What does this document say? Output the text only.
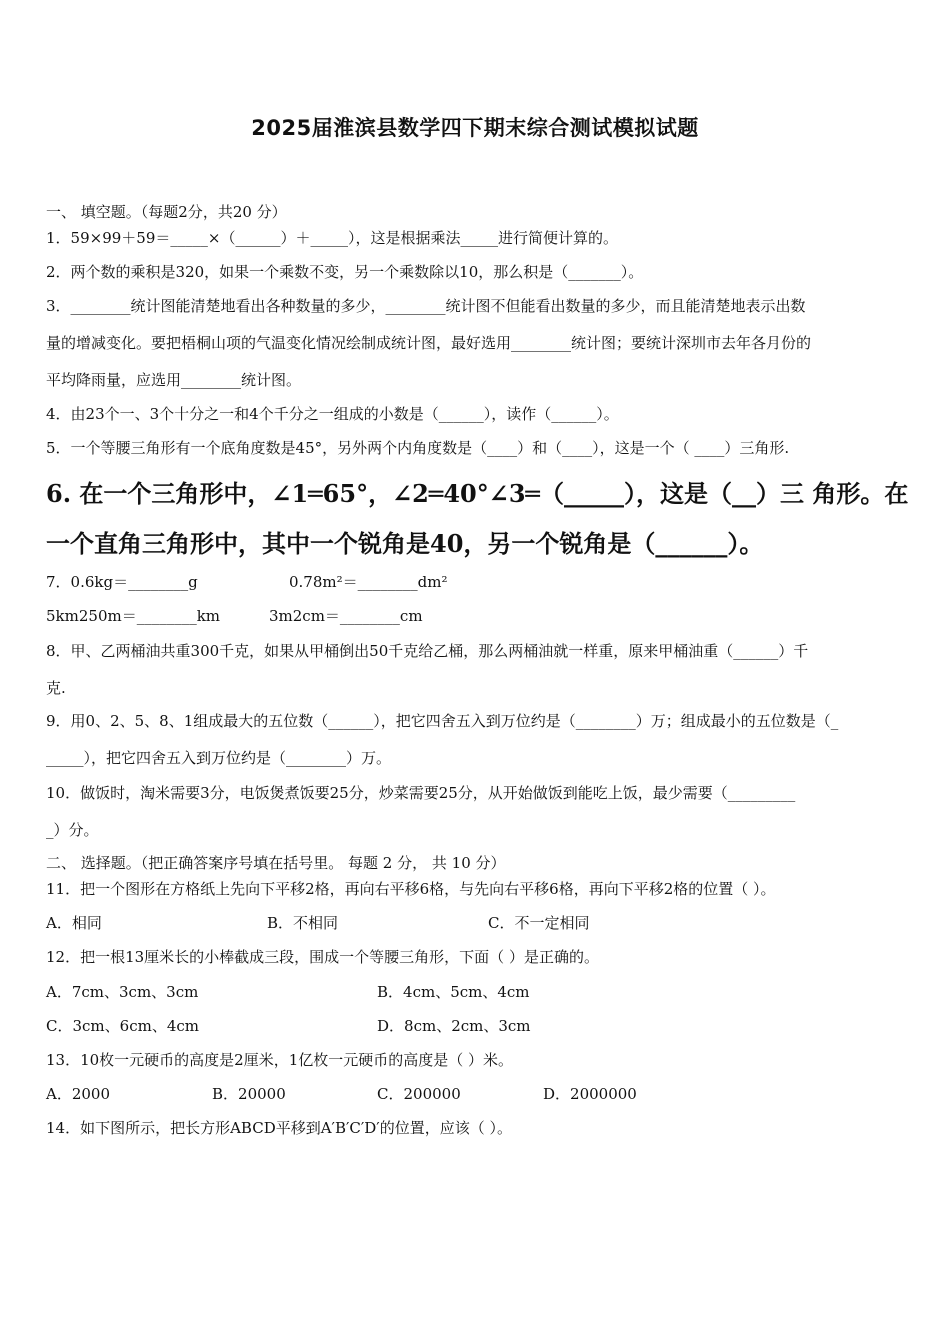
2025届淮滨县数学四下期末综合测试模拟试题
一、 填空题。（每题2分，共20 分）
1．59×99＋59＝_____×（______）＋_____），这是根据乘法_____进行简便计算的。
2．两个数的乘积是320，如果一个乘数不变，另一个乘数除以10，那么积是（_______）。
3．________统计图能清楚地看出各种数量的多少，________统计图不但能看出数量的多少，而且能清楚地表示出数
量的增减变化。要把梧桐山项的气温变化情况绘制成统计图，最好选用________统计图；要统计深圳市去年各月份的
平均降雨量，应选用________统计图。
4．由23个一、3个十分之一和4个千分之一组成的小数是（______），读作（______）。
5．一个等腰三角形有一个底角度数是45°，另外两个内角度数是（____）和（____），这是一个（ ____）三角形.
6. 在一个三角形中，∠1═65°，∠2═40°∠3═（_____），这是（__）三 角形。在
一个直角三角形中，其中一个锐角是40，另一个锐角是（______）。
7．0.6kg＝________g	0.78m²＝________dm²
5km250m＝________km	3m2cm＝________cm
8．甲、乙两桶油共重300千克，如果从甲桶倒出50千克给乙桶，那么两桶油就一样重，原来甲桶油重（______）千
克.
9．用0、2、5、8、1组成最大的五位数（______），把它四舍五入到万位约是（________）万；组成最小的五位数是（_
_____），把它四舍五入到万位约是（________）万。
10．做饭时，淘米需要3分，电饭煲煮饭要25分，炒菜需要25分，从开始做饭到能吃上饭，最少需要（_________
_）分。
二、 选择题。（把正确答案序号填在括号里。 每题 2 分， 共 10 分）
11．把一个图形在方格纸上先向下平移2格，再向右平移6格，与先向右平移6格，再向下平移2格的位置（ ）。
A．相同	B．不相同	C．不一定相同
12．把一根13厘米长的小棒截成三段，围成一个等腰三角形，下面（ ）是正确的。
A．7cm、3cm、3cm	B．4cm、5cm、4cm
C．3cm、6cm、4cm	D．8cm、2cm、3cm
13．10枚一元硬币的高度是2厘米，1亿枚一元硬币的高度是（ ）米。
A．2000	B．20000	C．200000	D．2000000
14．如下图所示，把长方形ABCD平移到A′B′C′D′的位置，应该（ ）。
